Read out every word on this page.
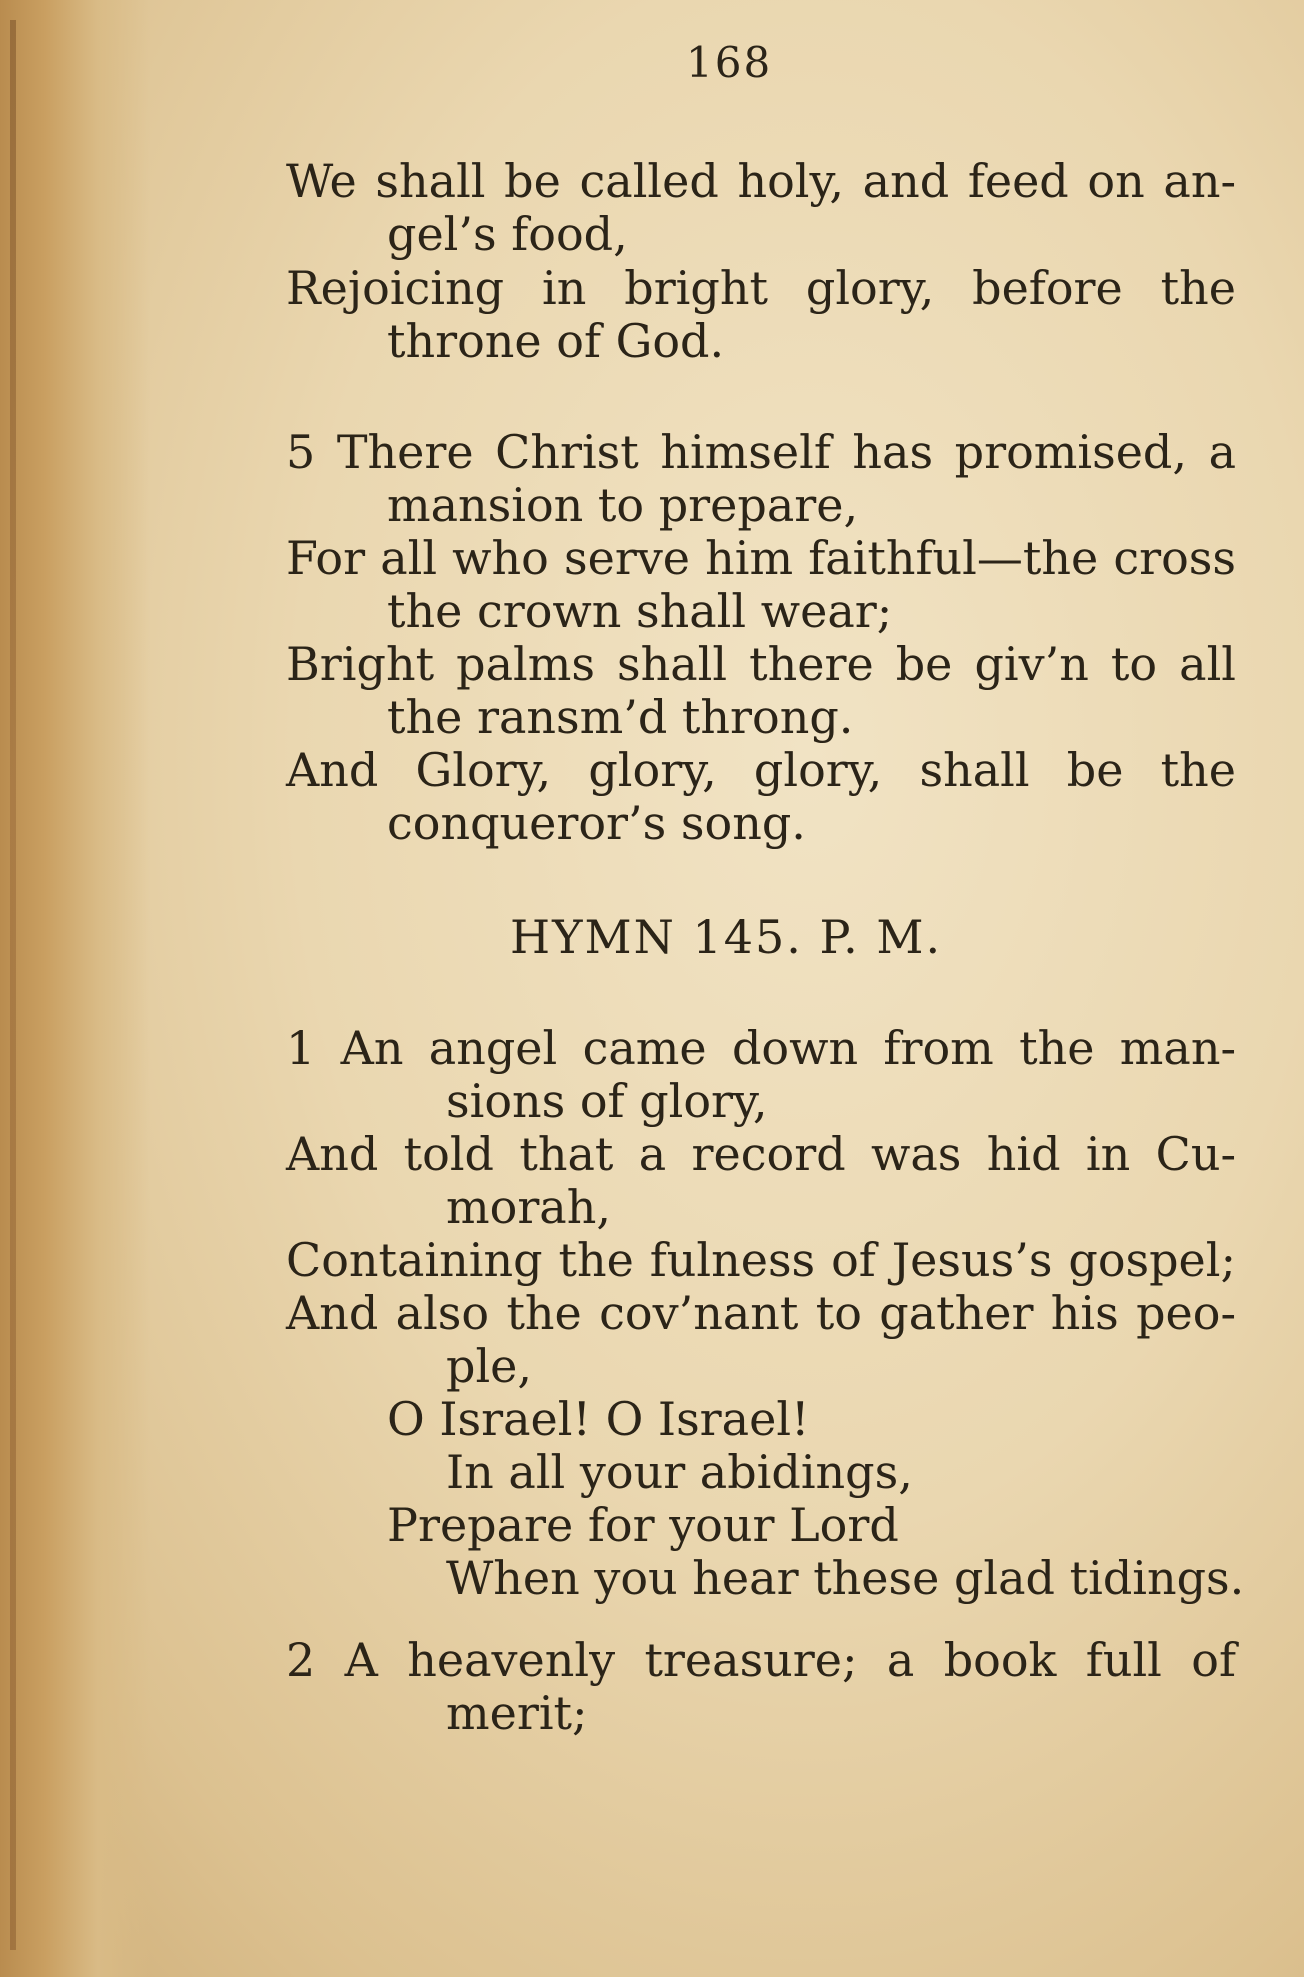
168
We shall be called holy, and feed on an-
gel’s food,
Rejoicing in bright glory, before the
throne of God.
5 There Christ himself has promised, a
mansion to prepare,
For all who serve him faithful—the cross
the crown shall wear;
Bright palms shall there be giv’n to all
the ransm’d throng.
And Glory, glory, glory, shall be the
conqueror’s song.
1 An angel came down from the man-
sions of glory,
And told that a record was hid in Cu-
morah,
Containing the fulness of Jesus’s gospel;
And also the cov’nant to gather his peo-
ple,
O Israel! O Israel!
In all your abidings,
Prepare for your Lord
When you hear these glad tidings.
2 A heavenly treasure; a book full of
merit;
HYMN 145. P. M.
